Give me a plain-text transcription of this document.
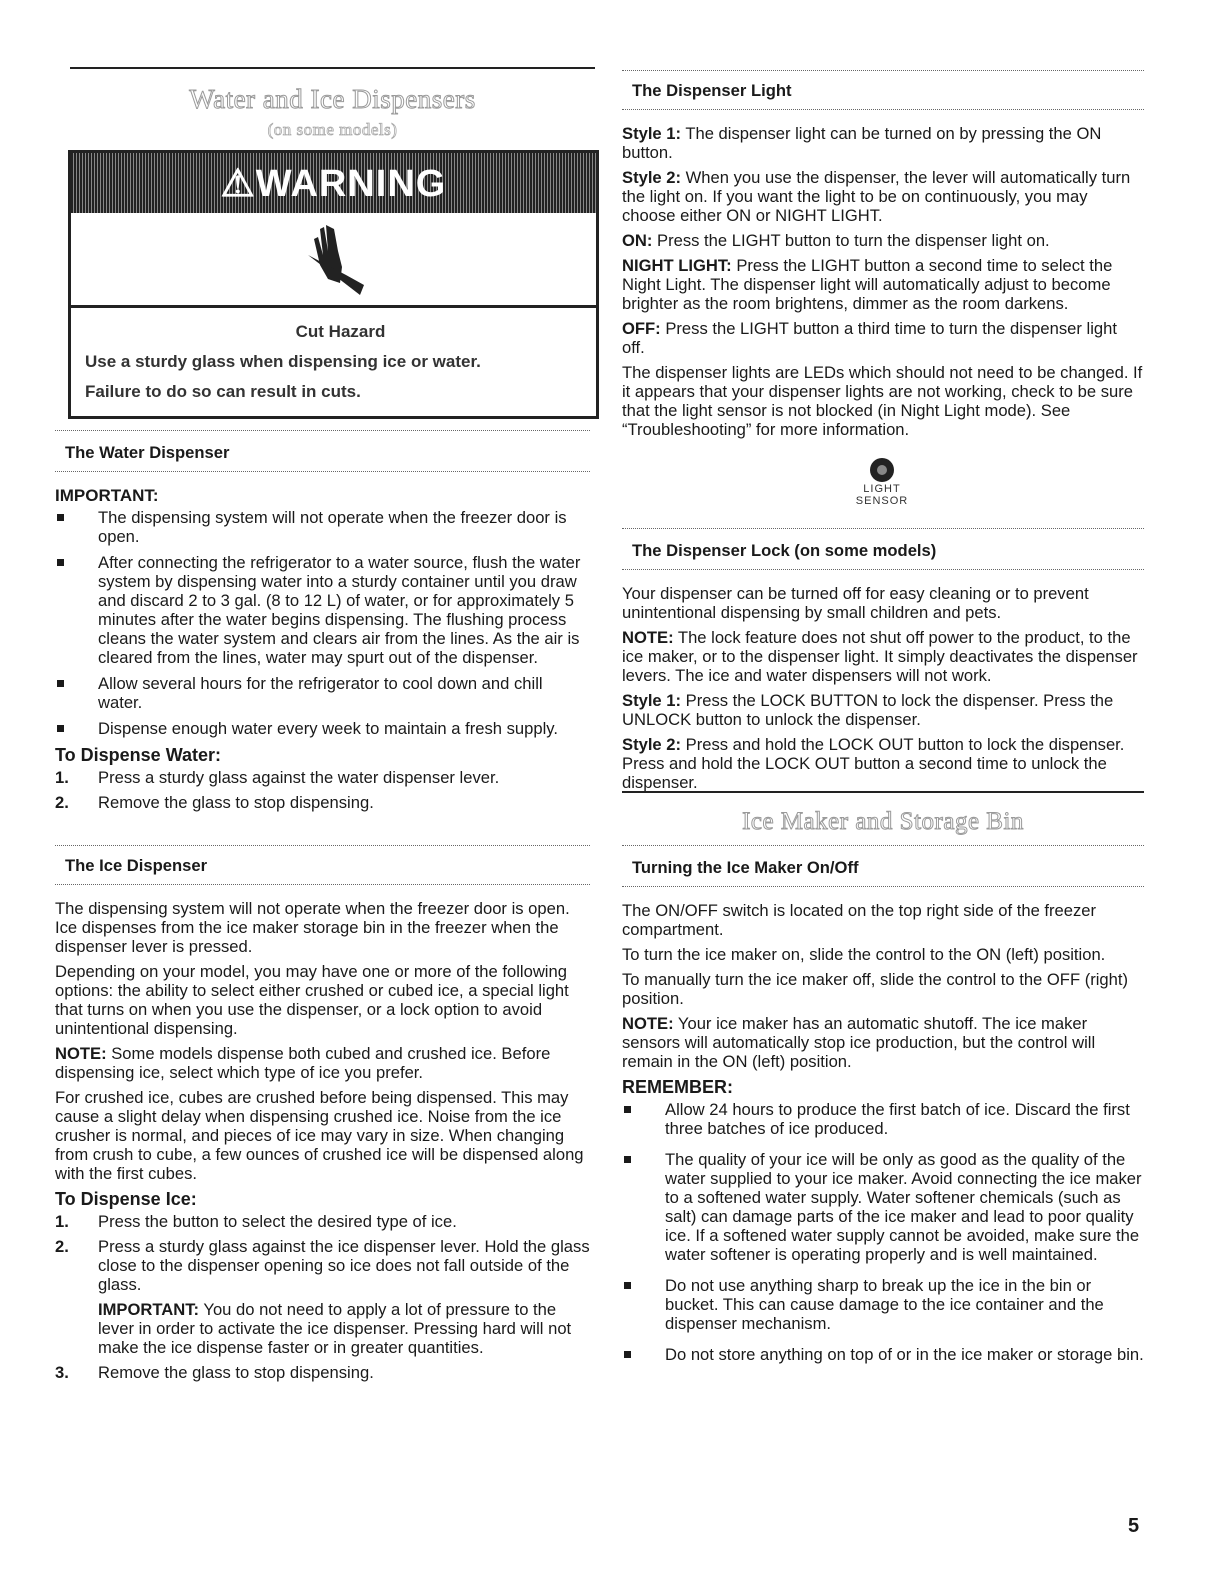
Water and Ice Dispensers
(on some models)
⚠WARNING
Cut Hazard
Use a sturdy glass when dispensing ice or water.
Failure to do so can result in cuts.
The Water Dispenser
IMPORTANT:
The dispensing system will not operate when the freezer door is open.
After connecting the refrigerator to a water source, flush the water system by dispensing water into a sturdy container until you draw and discard 2 to 3 gal. (8 to 12 L) of water, or for approximately 5 minutes after the water begins dispensing. The flushing process cleans the water system and clears air from the lines. As the air is cleared from the lines, water may spurt out of the dispenser.
Allow several hours for the refrigerator to cool down and chill water.
Dispense enough water every week to maintain a fresh supply.
To Dispense Water:
1. Press a sturdy glass against the water dispenser lever.
2. Remove the glass to stop dispensing.
The Ice Dispenser

The dispensing system will not operate when the freezer door is open. Ice dispenses from the ice maker storage bin in the freezer when the dispenser lever is pressed.

Depending on your model, you may have one or more of the following options: the ability to select either crushed or cubed ice, a special light that turns on when you use the dispenser, or a lock option to avoid unintentional dispensing.

NOTE: Some models dispense both cubed and crushed ice. Before dispensing ice, select which type of ice you prefer.

For crushed ice, cubes are crushed before being dispensed. This may cause a slight delay when dispensing crushed ice. Noise from the ice crusher is normal, and pieces of ice may vary in size. When changing from crush to cube, a few ounces of crushed ice will be dispensed along with the first cubes.

To Dispense Ice:
1. Press the button to select the desired type of ice.
2. Press a sturdy glass against the ice dispenser lever. Hold the glass close to the dispenser opening so ice does not fall outside of the glass.
IMPORTANT: You do not need to apply a lot of pressure to the lever in order to activate the ice dispenser. Pressing hard will not make the ice dispense faster or in greater quantities.
3. Remove the glass to stop dispensing.
The Dispenser Light

Style 1: The dispenser light can be turned on by pressing the ON button.

Style 2: When you use the dispenser, the lever will automatically turn the light on. If you want the light to be on continuously, you may choose either ON or NIGHT LIGHT.

ON: Press the LIGHT button to turn the dispenser light on.

NIGHT LIGHT: Press the LIGHT button a second time to select the Night Light. The dispenser light will automatically adjust to become brighter as the room brightens, dimmer as the room darkens.

OFF: Press the LIGHT button a third time to turn the dispenser light off.

The dispenser lights are LEDs which should not need to be changed. If it appears that your dispenser lights are not working, check to be sure that the light sensor is not blocked (in Night Light mode). See “Troubleshooting” for more information.

LIGHT SENSOR
The Dispenser Lock (on some models)

Your dispenser can be turned off for easy cleaning or to prevent unintentional dispensing by small children and pets.

NOTE: The lock feature does not shut off power to the product, to the ice maker, or to the dispenser light. It simply deactivates the dispenser levers. The ice and water dispensers will not work.

Style 1: Press the LOCK BUTTON to lock the dispenser. Press the UNLOCK button to unlock the dispenser.

Style 2: Press and hold the LOCK OUT button to lock the dispenser. Press and hold the LOCK OUT button a second time to unlock the dispenser.

Ice Maker and Storage Bin
Turning the Ice Maker On/Off

The ON/OFF switch is located on the top right side of the freezer compartment.

To turn the ice maker on, slide the control to the ON (left) position.

To manually turn the ice maker off, slide the control to the OFF (right) position.

NOTE: Your ice maker has an automatic shutoff. The ice maker sensors will automatically stop ice production, but the control will remain in the ON (left) position.

REMEMBER:
Allow 24 hours to produce the first batch of ice. Discard the first three batches of ice produced.
The quality of your ice will be only as good as the quality of the water supplied to your ice maker. Avoid connecting the ice maker to a softened water supply. Water softener chemicals (such as salt) can damage parts of the ice maker and lead to poor quality ice. If a softened water supply cannot be avoided, make sure the water softener is operating properly and is well maintained.
Do not use anything sharp to break up the ice in the bin or bucket. This can cause damage to the ice container and the dispenser mechanism.
Do not store anything on top of or in the ice maker or storage bin.
5
